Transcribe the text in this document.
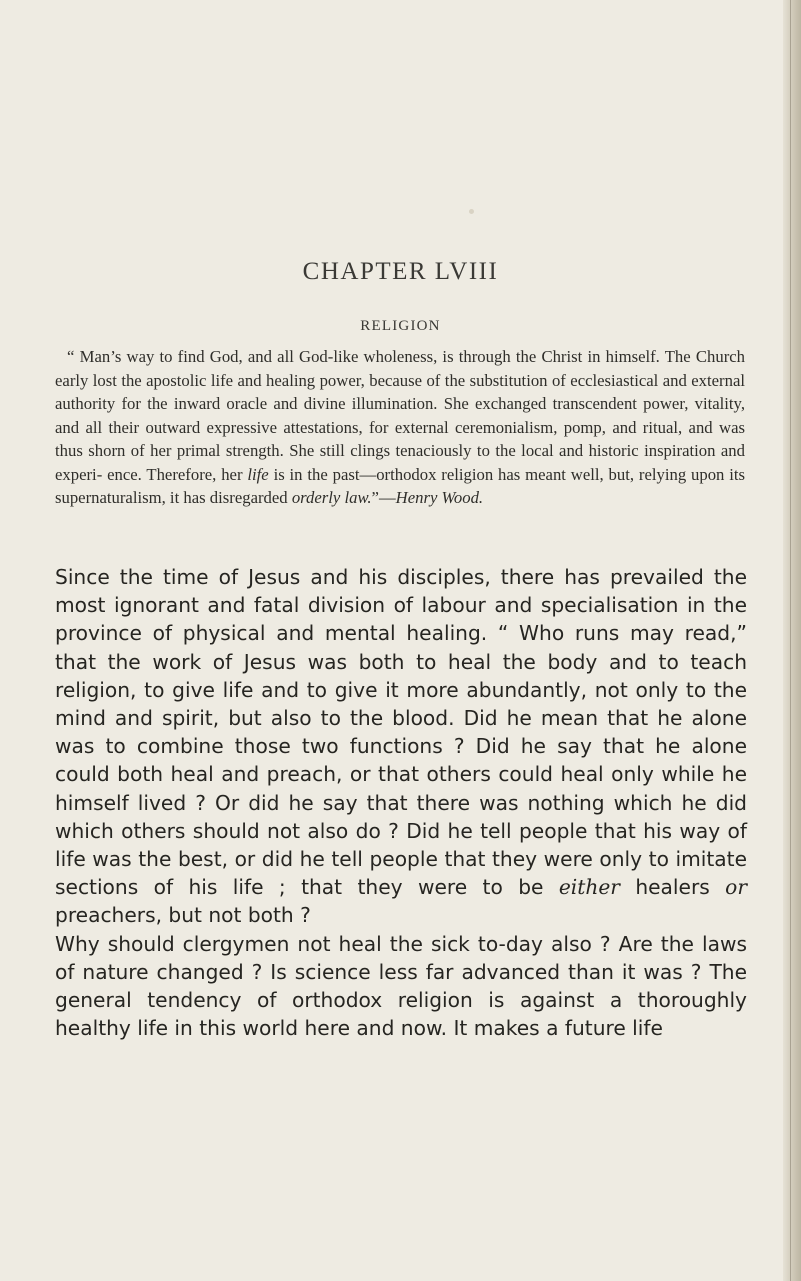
CHAPTER LVIII
RELIGION

“ Man’s way to find God, and all God-like wholeness, is through the Christ in himself. The Church early lost the apostolic life and healing power, because of the substitution of ecclesiastical and external authority for the inward oracle and divine illumination. She exchanged transcendent power, vitality, and all their outward expressive attestations, for external ceremonialism, pomp, and ritual, and was thus shorn of her primal strength. She still clings tenaciously to the local and historic inspiration and experi- ence. Therefore, her life is in the past—orthodox religion has meant well, but, relying upon its supernaturalism, it has disregarded orderly law.”—Henry Wood.

Since the time of Jesus and his disciples, there has prevailed the most ignorant and fatal division of labour and specialisation in the province of physical and mental healing. “ Who runs may read,” that the work of Jesus was both to heal the body and to teach religion, to give life and to give it more abundantly, not only to the mind and spirit, but also to the blood. Did he mean that he alone was to combine those two functions ? Did he say that he alone could both heal and preach, or that others could heal only while he himself lived ? Or did he say that there was nothing which he did which others should not also do ? Did he tell people that his way of life was the best, or did he tell people that they were only to imitate sections of his life ; that they were to be either healers or preachers, but not both ?

Why should clergymen not heal the sick to-day also ? Are the laws of nature changed ? Is science less far advanced than it was ? The general tendency of orthodox religion is against a thoroughly healthy life in this world here and now. It makes a future life
